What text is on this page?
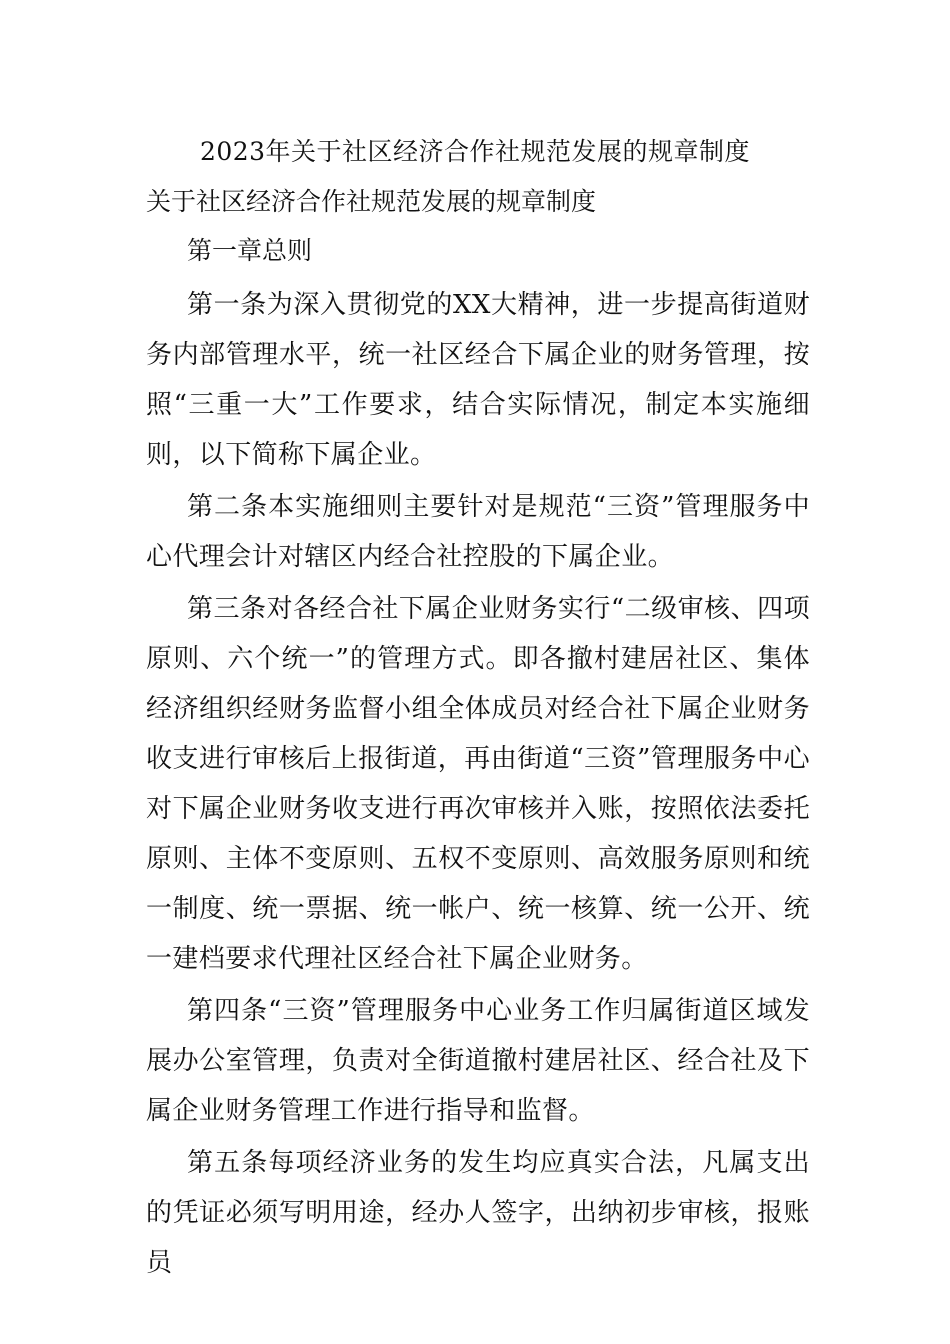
2023年关于社区经济合作社规范发展的规章制度
关于社区经济合作社规范发展的规章制度
第一章总则

第一条为深入贯彻党的XX大精神，进一步提高街道财务内部管理水平，统一社区经合下属企业的财务管理，按照“三重一大”工作要求，结合实际情况，制定本实施细则，以下简称下属企业。

第二条本实施细则主要针对是规范“三资”管理服务中心代理会计对辖区内经合社控股的下属企业。

第三条对各经合社下属企业财务实行“二级审核、四项原则、六个统一”的管理方式。即各撤村建居社区、集体经济组织经财务监督小组全体成员对经合社下属企业财务收支进行审核后上报街道，再由街道“三资”管理服务中心对下属企业财务收支进行再次审核并入账，按照依法委托原则、主体不变原则、五权不变原则、高效服务原则和统一制度、统一票据、统一帐户、统一核算、统一公开、统一建档要求代理社区经合社下属企业财务。

第四条“三资”管理服务中心业务工作归属街道区域发展办公室管理，负责对全街道撤村建居社区、经合社及下属企业财务管理工作进行指导和监督。

第五条每项经济业务的发生均应真实合法，凡属支出的凭证必须写明用途，经办人签字，出纳初步审核，报账员
